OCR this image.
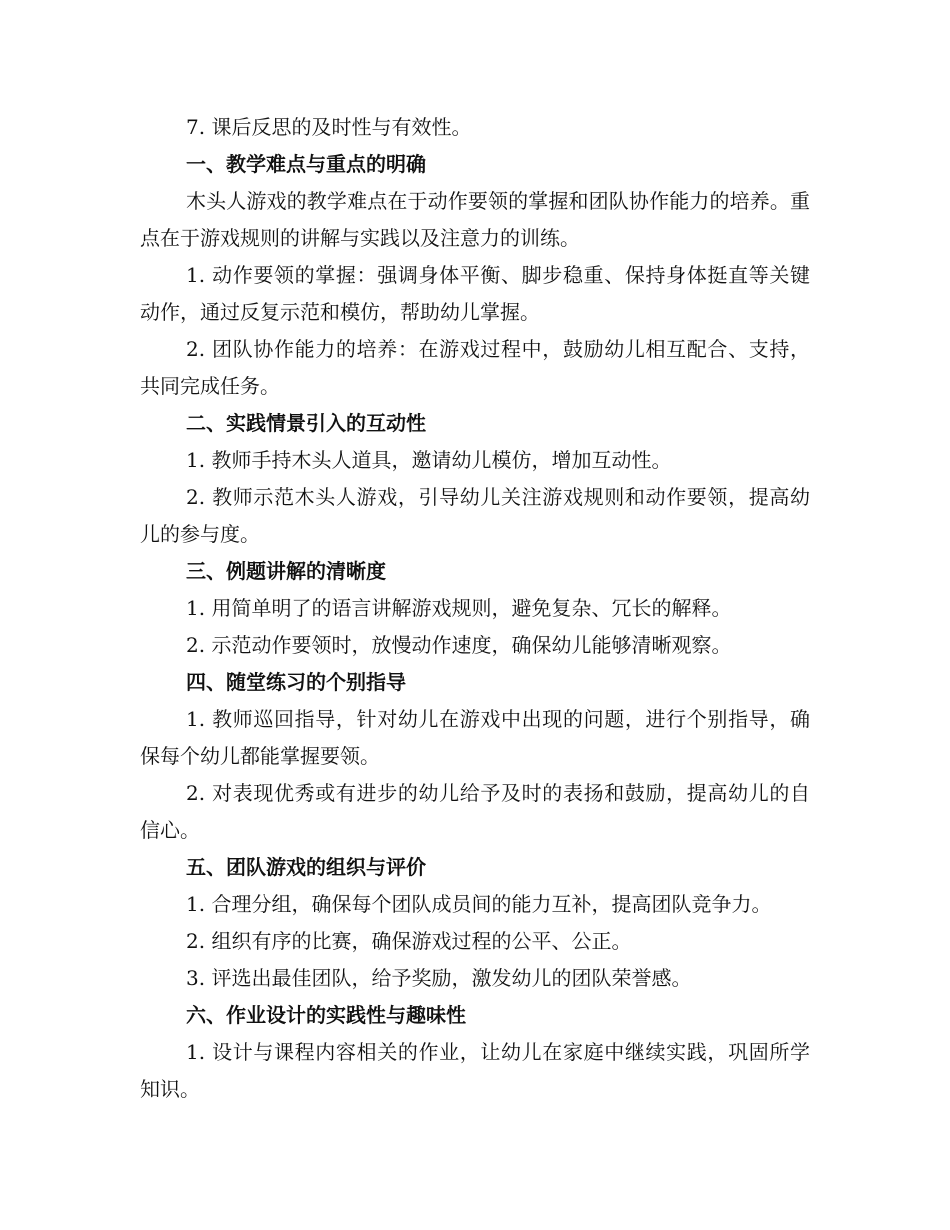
7. 课后反思的及时性与有效性。

一、教学难点与重点的明确

木头人游戏的教学难点在于动作要领的掌握和团队协作能力的培养。重点在于游戏规则的讲解与实践以及注意力的训练。

1. 动作要领的掌握：强调身体平衡、脚步稳重、保持身体挺直等关键动作，通过反复示范和模仿，帮助幼儿掌握。

2. 团队协作能力的培养：在游戏过程中，鼓励幼儿相互配合、支持，共同完成任务。

二、实践情景引入的互动性

1. 教师手持木头人道具，邀请幼儿模仿，增加互动性。

2. 教师示范木头人游戏，引导幼儿关注游戏规则和动作要领，提高幼儿的参与度。

三、例题讲解的清晰度

1. 用简单明了的语言讲解游戏规则，避免复杂、冗长的解释。

2. 示范动作要领时，放慢动作速度，确保幼儿能够清晰观察。

四、随堂练习的个别指导

1. 教师巡回指导，针对幼儿在游戏中出现的问题，进行个别指导，确保每个幼儿都能掌握要领。

2. 对表现优秀或有进步的幼儿给予及时的表扬和鼓励，提高幼儿的自信心。

五、团队游戏的组织与评价

1. 合理分组，确保每个团队成员间的能力互补，提高团队竞争力。

2. 组织有序的比赛，确保游戏过程的公平、公正。

3. 评选出最佳团队，给予奖励，激发幼儿的团队荣誉感。

六、作业设计的实践性与趣味性

1. 设计与课程内容相关的作业，让幼儿在家庭中继续实践，巩固所学知识。
